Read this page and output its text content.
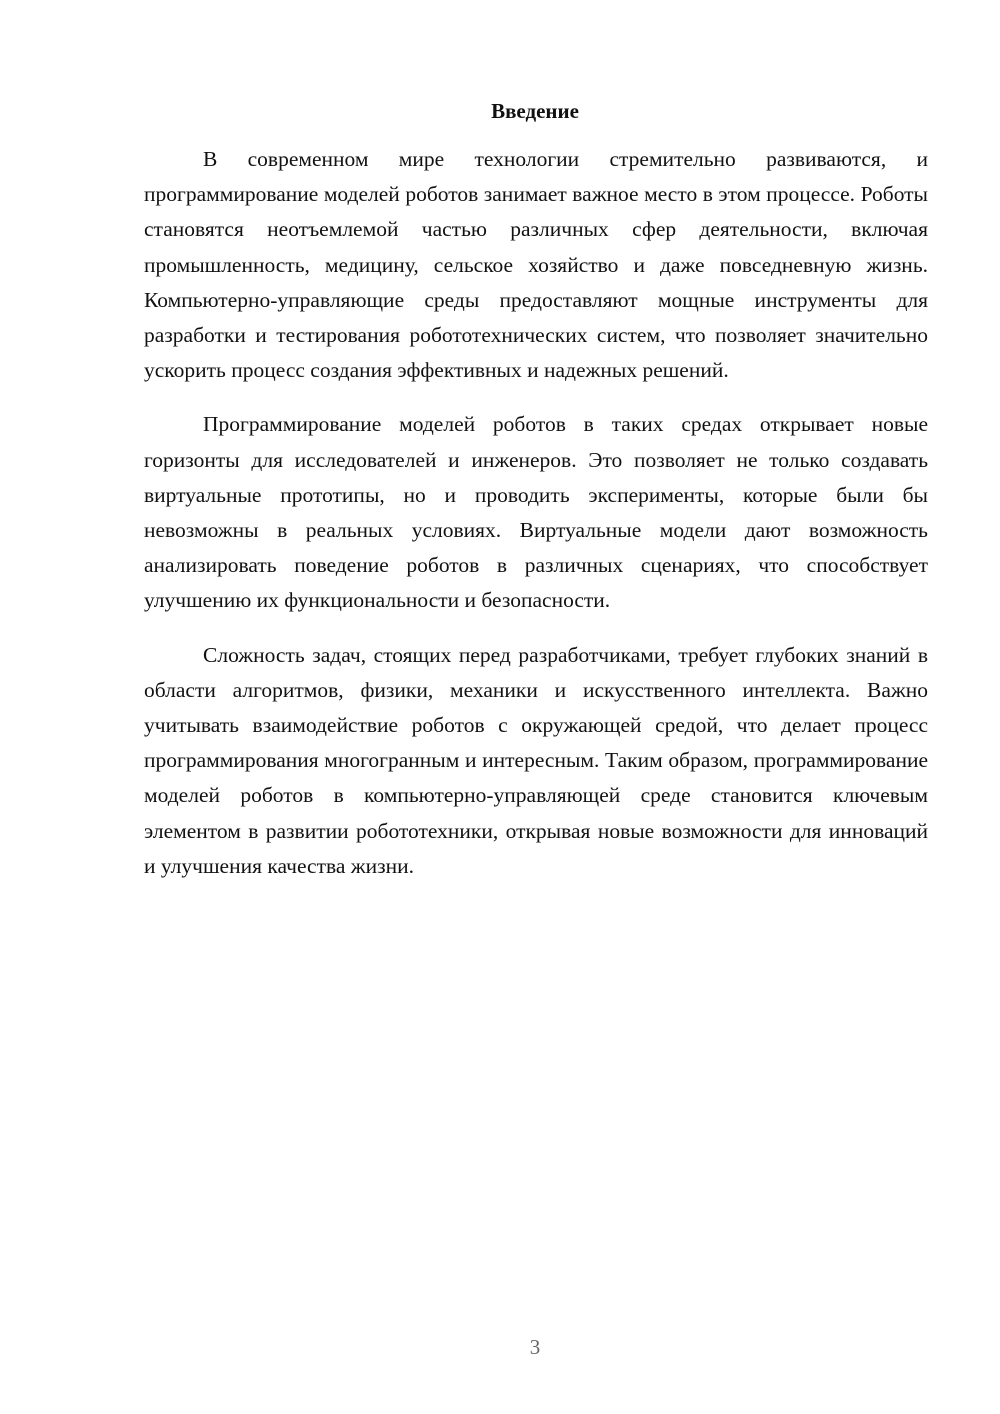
Введение

В современном мире технологии стремительно развиваются, и программирование моделей роботов занимает важное место в этом процессе. Роботы становятся неотъемлемой частью различных сфер деятельности, включая промышленность, медицину, сельское хозяйство и даже повседневную жизнь. Компьютерно-управляющие среды предоставляют мощные инструменты для разработки и тестирования робототехнических систем, что позволяет значительно ускорить процесс создания эффективных и надежных решений.

Программирование моделей роботов в таких средах открывает новые горизонты для исследователей и инженеров. Это позволяет не только создавать виртуальные прототипы, но и проводить эксперименты, которые были бы невозможны в реальных условиях. Виртуальные модели дают возможность анализировать поведение роботов в различных сценариях, что способствует улучшению их функциональности и безопасности.

Сложность задач, стоящих перед разработчиками, требует глубоких знаний в области алгоритмов, физики, механики и искусственного интеллекта. Важно учитывать взаимодействие роботов с окружающей средой, что делает процесс программирования многогранным и интересным. Таким образом, программирование моделей роботов в компьютерно-управляющей среде становится ключевым элементом в развитии робототехники, открывая новые возможности для инноваций и улучшения качества жизни.

3
